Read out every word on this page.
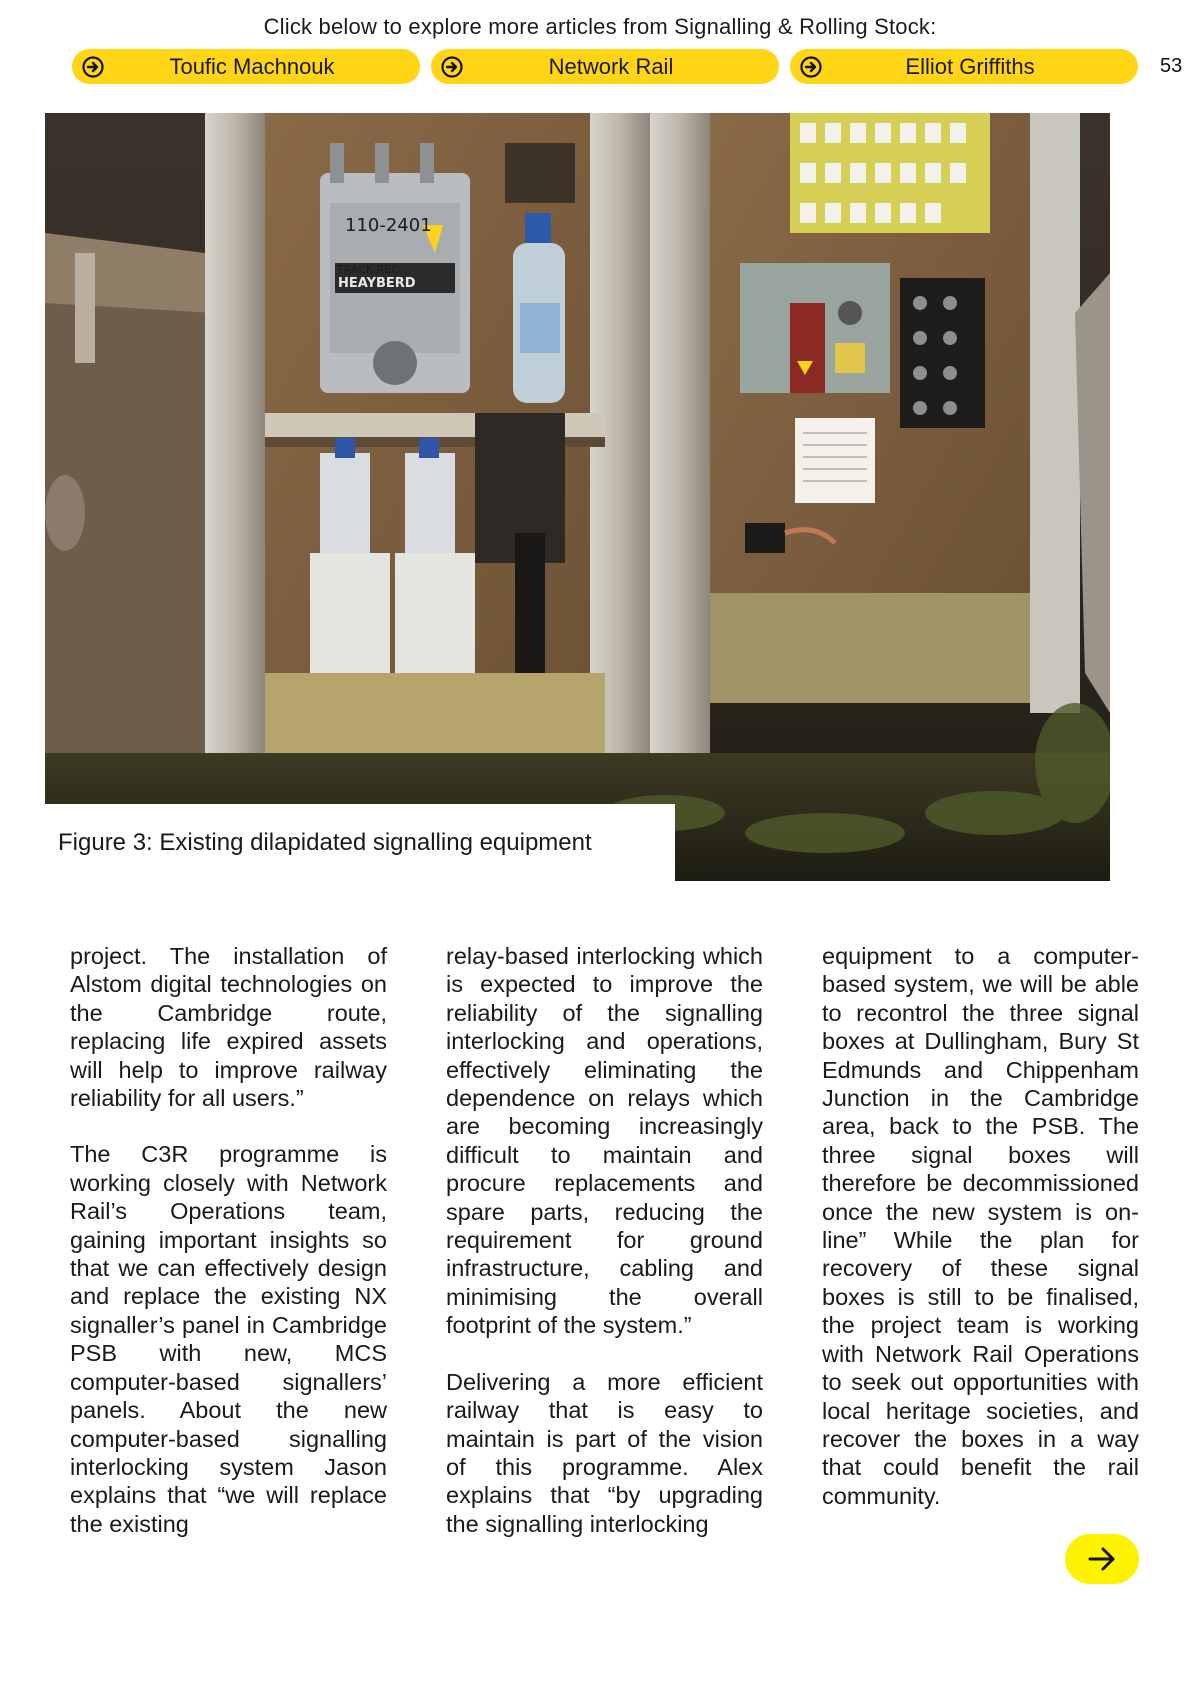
Click below to explore more articles from Signalling & Rolling Stock:
Toufic Machnouk	Network Rail	Elliot Griffiths	53
110-2401
TRACK REC
HEAYBERD
Figure 3: Existing dilapidated signalling equipment

project. The installation of Alstom digital technologies on the Cambridge route, replacing life expired assets will help to improve railway reliability for all users.”

The C3R programme is working closely with Network Rail’s Operations team, gaining important insights so that we can effectively design and replace the existing NX signaller’s panel in Cambridge PSB with new, MCS computer-based signallers’ panels. About the new computer-based signalling interlocking system Jason explains that “we will replace the existing

relay-based interlocking which is expected to improve the reliability of the signalling interlocking and operations, effectively eliminating the dependence on relays which are becoming increasingly difficult to maintain and procure replacements and spare parts, reducing the requirement for ground infrastructure, cabling and minimising the overall footprint of the system.”

Delivering a more efficient railway that is easy to maintain is part of the vision of this programme. Alex explains that “by upgrading the signalling interlocking

equipment to a computer-based system, we will be able to recontrol the three signal boxes at Dullingham, Bury St Edmunds and Chippenham Junction in the Cambridge area, back to the PSB. The three signal boxes will therefore be decommissioned once the new system is on-line” While the plan for recovery of these signal boxes is still to be finalised, the project team is working with Network Rail Operations to seek out opportunities with local heritage societies, and recover the boxes in a way that could benefit the rail community.
